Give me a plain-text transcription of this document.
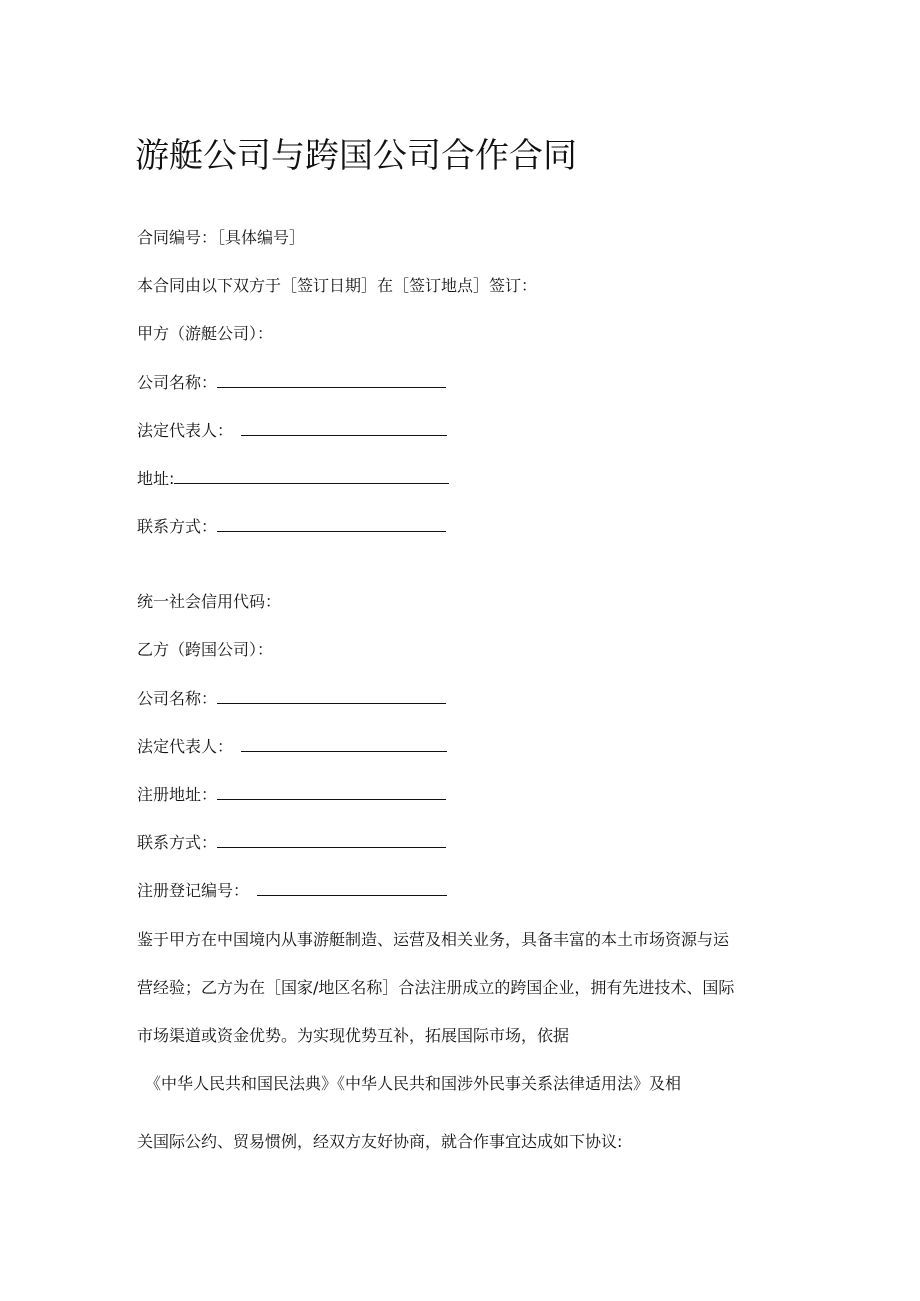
游艇公司与跨国公司合作合同
合同编号：［具体编号］
本合同由以下双方于［签订日期］在［签订地点］签订：
甲方（游艇公司）：
公司名称：
法定代表人：
地址:
联系方式：
统一社会信用代码：
乙方（跨国公司）：
公司名称：
法定代表人：
注册地址：
联系方式：
注册登记编号：
鉴于甲方在中国境内从事游艇制造、运营及相关业务，具备丰富的本土市场资源与运
营经验；乙方为在［国家/地区名称］合法注册成立的跨国企业，拥有先进技术、国际
市场渠道或资金优势。为实现优势互补，拓展国际市场，依据
《中华人民共和国民法典》《中华人民共和国涉外民事关系法律适用法》及相
关国际公约、贸易惯例，经双方友好协商，就合作事宜达成如下协议:
